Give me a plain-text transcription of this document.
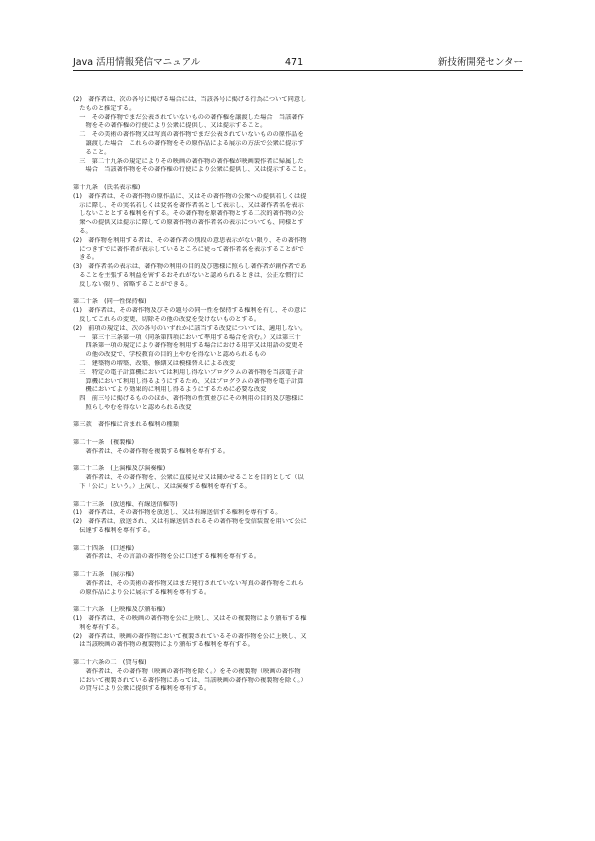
Java 活用情報発信マニュアル	471	新技術開発センター
(2)　著作者は、次の各号に掲げる場合には、当該各号に掲げる行為について同意し
　たものと推定する。
　一　その著作物でまだ公表されていないものの著作権を譲渡した場合　当該著作
　　物をその著作権の行使により公衆に提供し、又は提示すること。
　二　その美術の著作物又は写真の著作物でまだ公表されていないものの原作品を
　　譲渡した場合　これらの著作物をその原作品による展示の方法で公衆に提示す
　　ること。
　三　第二十九条の規定によりその映画の著作物の著作権が映画製作者に帰属した
　　場合　当該著作物をその著作権の行使により公衆に提供し、又は提示すること。
第十九条　(氏名表示権)
(1)　著作者は、その著作物の原作品に、又はその著作物の公衆への提供若しくは提
　示に際し、その実名若しくは変名を著作者名として表示し、又は著作者名を表示
　しないこととする権利を有する。その著作物を原著作物とする二次的著作物の公
　衆への提供又は提示に際しての原著作物の著作者名の表示についても、同様とす
　る。
(2)　著作物を利用する者は、その著作者の別段の意思表示がない限り、その著作物
　につきすでに著作者が表示しているところに従って著作者名を表示することがで
　きる。
(3)　著作者名の表示は、著作物の利用の目的及び態様に照らし著作者が創作者であ
　ることを主張する利益を害するおそれがないと認められるときは、公正な慣行に
　反しない限り、省略することができる。
第二十条　(同一性保持権)
(1)　著作者は、その著作物及びその題号の同一性を保持する権利を有し、その意に
　反してこれらの変更、切除その他の改変を受けないものとする。
(2)　前項の規定は、次の各号のいずれかに該当する改変については、適用しない。
　一　第三十三条第一項（同条第四項において準用する場合を含む。）又は第三十
　　四条第一項の規定により著作物を利用する場合における用字又は用語の変更そ
　　の他の改変で、学校教育の目的上やむを得ないと認められるもの
　二　建築物の増築、改築、修繕又は模様替えによる改変
　三　特定の電子計算機においては利用し得ないプログラムの著作物を当該電子計
　　算機において利用し得るようにするため、又はプログラムの著作物を電子計算
　　機においてより効果的に利用し得るようにするために必要な改変
　四　前三号に掲げるもののほか、著作物の性質並びにその利用の目的及び態様に
　　照らしやむを得ないと認められる改変
第三款　著作権に含まれる権利の種類
第二十一条　(複製権)
　　著作者は、その著作物を複製する権利を専有する。
第二十二条　(上演権及び演奏権)
　　著作者は、その著作物を、公衆に直接見せ又は聞かせることを目的として（以
　下「公に」という。）上演し、又は演奏する権利を専有する。
第二十三条　(放送権、有線送信権等)
(1)　著作者は、その著作物を放送し、又は有線送信する権利を専有する。
(2)　著作者は、放送され、又は有線送信されるその著作物を受信装置を用いて公に
　伝達する権利を専有する。
第二十四条　(口述権)
　　著作者は、その言語の著作物を公に口述する権利を専有する。
第二十五条　(展示権)
　　著作者は、その美術の著作物又はまだ発行されていない写真の著作物をこれら
　の原作品により公に展示する権利を専有する。
第二十六条　(上映権及び頒布権)
(1)　著作者は、その映画の著作物を公に上映し、又はその複製物により頒布する権
　利を専有する。
(2)　著作者は、映画の著作物において複製されているその著作物を公に上映し、又
　は当該映画の著作物の複製物により頒布する権利を専有する。
第二十六条の二　(貸与権)
　　著作者は、その著作物（映画の著作物を除く。）をその複製物（映画の著作物
　において複製されている著作物にあっては、当該映画の著作物の複製物を除く。）
　の貸与により公衆に提供する権利を専有する。
